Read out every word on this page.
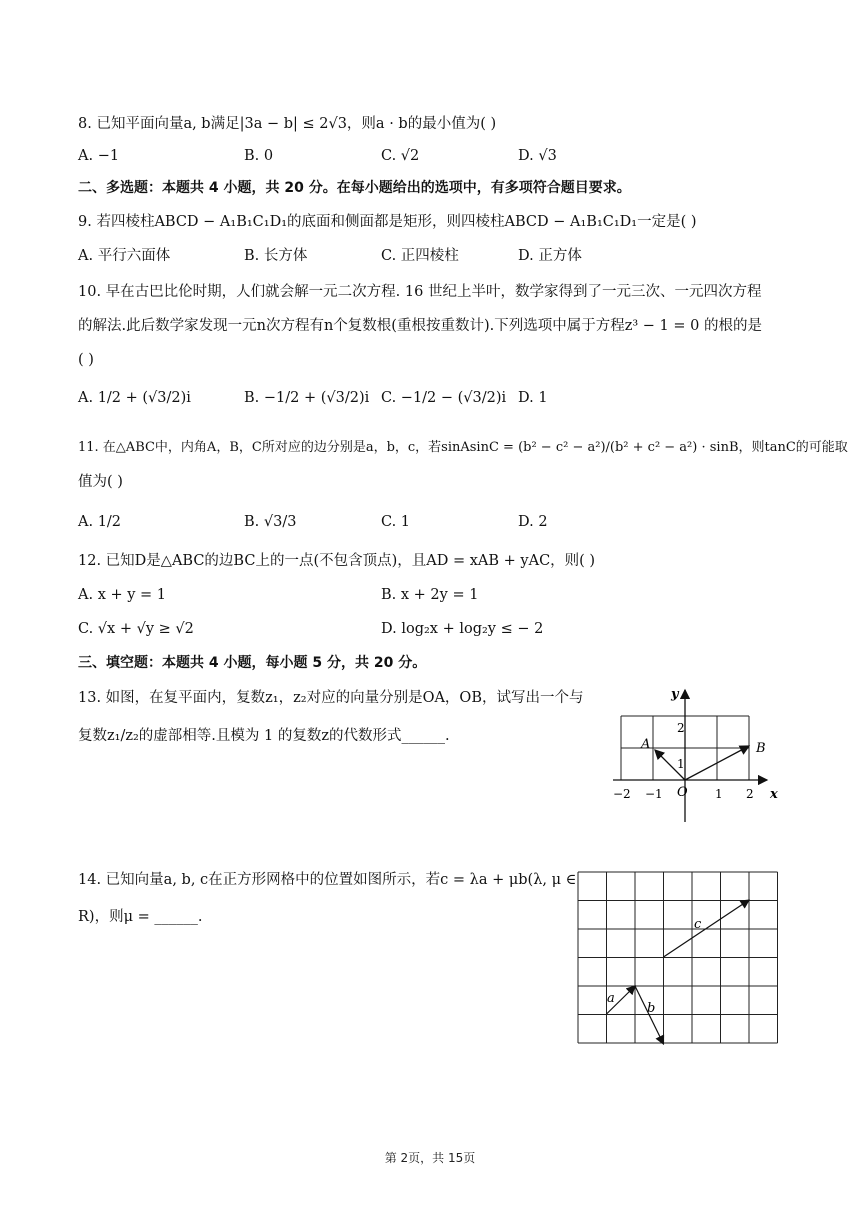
8. 已知平面向量a, b满足|3a − b| ≤ 2√3，则a · b的最小值为( )
A. −1	B. 0	C. √2	D. √3
二、多选题：本题共 4 小题，共 20 分。在每小题给出的选项中，有多项符合题目要求。
9. 若四棱柱ABCD − A₁B₁C₁D₁的底面和侧面都是矩形，则四棱柱ABCD − A₁B₁C₁D₁一定是( )
A. 平行六面体	B. 长方体	C. 正四棱柱	D. 正方体
10. 早在古巴比伦时期，人们就会解一元二次方程. 16 世纪上半叶，数学家得到了一元三次、一元四次方程
的解法.此后数学家发现一元n次方程有n个复数根(重根按重数计).下列选项中属于方程z³ − 1 = 0 的根的是
( )
A. 1/2 + (√3/2)i	B. −1/2 + (√3/2)i C. −1/2 − (√3/2)i D. 1
11. 在△ABC中，内角A，B，C所对应的边分别是a，b，c，若sinAsinC = (b² − c² − a²)/(b² + c² − a²) · sinB，则tanC的可能取
值为( )
A. 1/2	B. √3/3	C. 1	D. 2
12. 已知D是△ABC的边BC上的一点(不包含顶点)，且AD = xAB + yAC，则( )
A. x + y = 1	B. x + 2y = 1
C. √x + √y ≥ √2	D. log₂x + log₂y ≤ − 2
三、填空题：本题共 4 小题，每小题 5 分，共 20 分。
13. 如图，在复平面内，复数z₁，z₂对应的向量分别是OA，OB，试写出一个与
复数z₁/z₂的虚部相等.且模为 1 的复数z的代数形式______.
y
x
A	B
O
1
2
−2 −1	1 2
14. 已知向量a, b, c在正方形网格中的位置如图所示，若c = λa + μb(λ, μ ∈
R)，则μ = ______.
a
b
c
第 2页，共 15页
